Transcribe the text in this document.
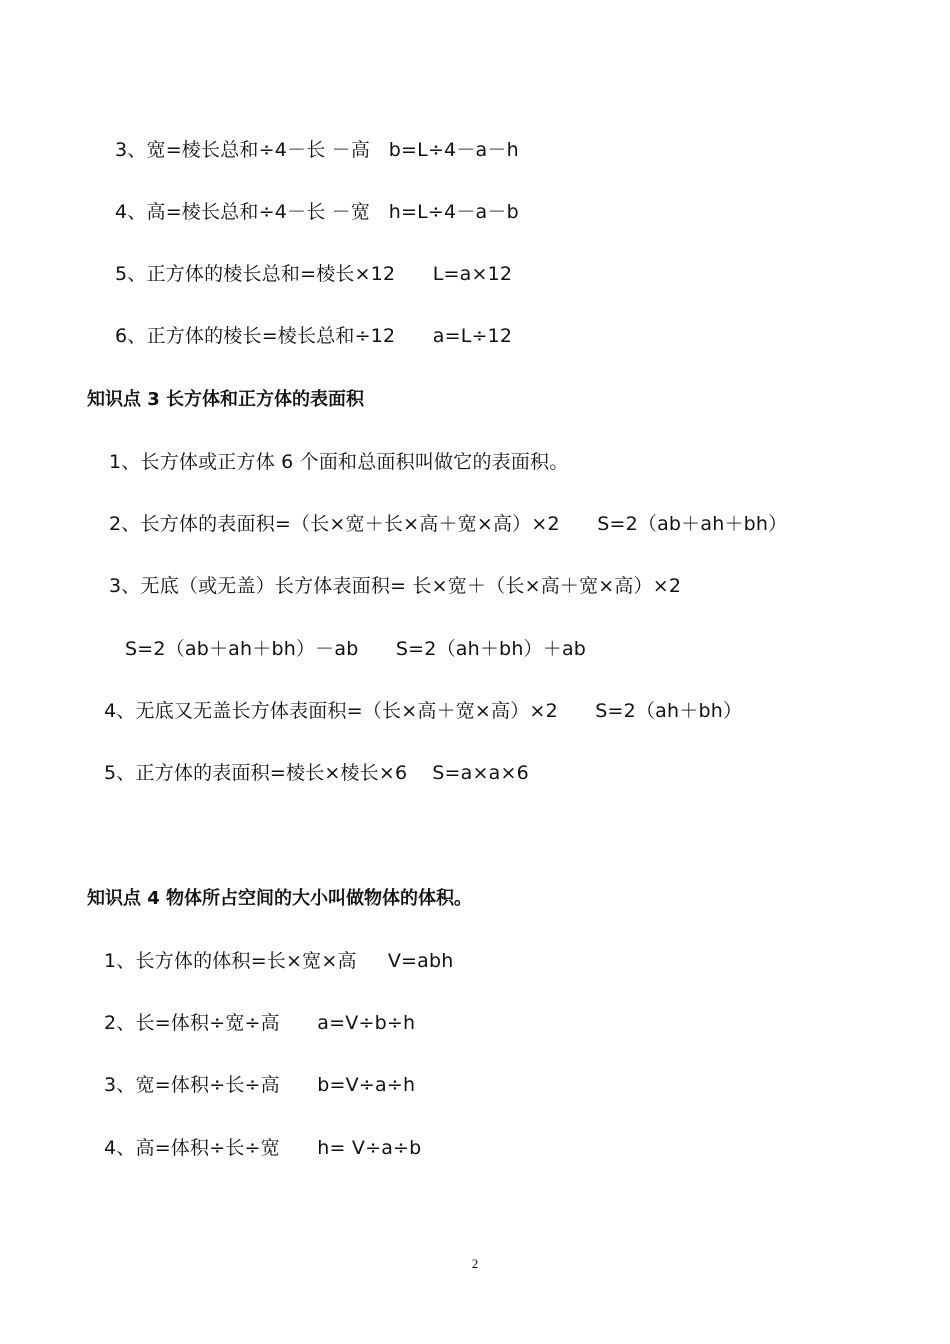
3、宽=棱长总和÷4－长 －高   b=L÷4－a－h
4、高=棱长总和÷4－长 －宽   h=L÷4－a－b
5、正方体的棱长总和=棱长×12      L=a×12
6、正方体的棱长=棱长总和÷12      a=L÷12
知识点 3 长方体和正方体的表面积
1、长方体或正方体 6 个面和总面积叫做它的表面积。
2、长方体的表面积=（长×宽＋长×高＋宽×高）×2      S=2（ab＋ah＋bh）
3、无底（或无盖）长方体表面积= 长×宽＋（长×高＋宽×高）×2
S=2（ab＋ah＋bh）－ab      S=2（ah＋bh）＋ab
4、无底又无盖长方体表面积=（长×高＋宽×高）×2      S=2（ah＋bh）
5、正方体的表面积=棱长×棱长×6    S=a×a×6
知识点 4 物体所占空间的大小叫做物体的体积。
1、长方体的体积=长×宽×高     V=abh
2、长=体积÷宽÷高      a=V÷b÷h
3、宽=体积÷长÷高      b=V÷a÷h
4、高=体积÷长÷宽      h= V÷a÷b
2
